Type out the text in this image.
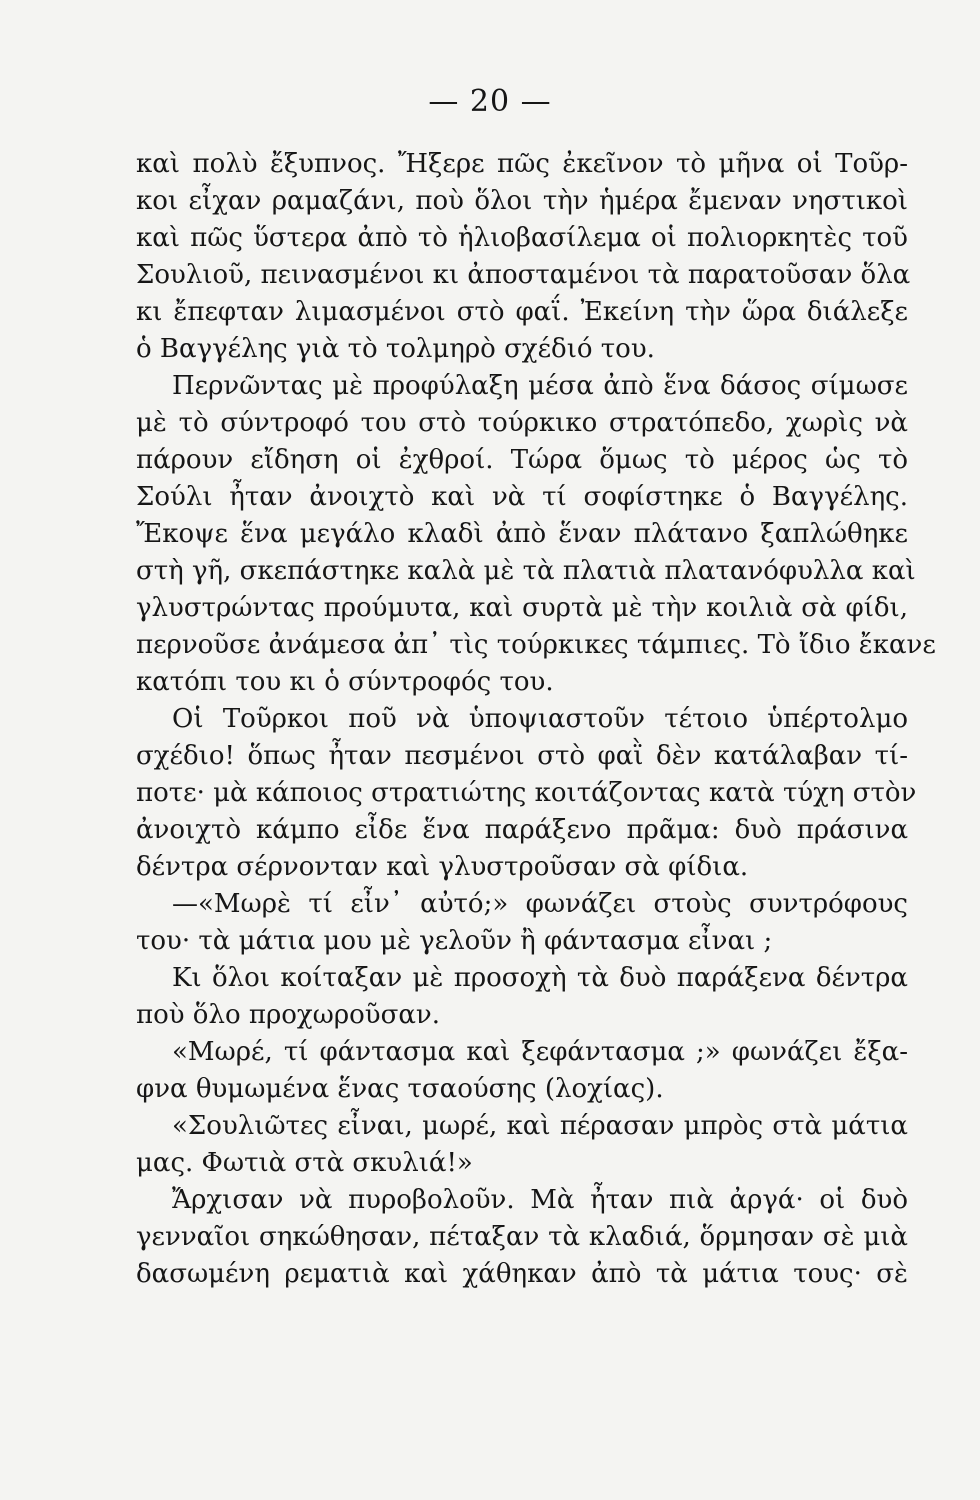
— 20 —
καὶ πολὺ ἔξυπνος. Ἤξερε πῶς ἐκεῖνον τὸ μῆνα οἱ Τοῦρ-
κοι εἶχαν ραμαζάνι, ποὺ ὅλοι τὴν ἡμέρα ἔμεναν νηστικοὶ
καὶ πῶς ὕστερα ἀπὸ τὸ ἡλιοβασίλεμα οἱ πολιορκητὲς τοῦ
Σουλιοῦ, πεινασμένοι κι ἀποσταμένοι τὰ παρατοῦσαν ὅλα
κι ἔπεφταν λιμασμένοι στὸ φαΐ. Ἐκείνη τὴν ὥρα διάλεξε
ὁ Βαγγέλης γιὰ τὸ τολμηρὸ σχέδιό του.
Περνῶντας μὲ προφύλαξη μέσα ἀπὸ ἕνα δάσος σίμωσε
μὲ τὸ σύντροφό του στὸ τούρκικο στρατόπεδο, χωρὶς νὰ
πάρουν εἴδηση οἱ ἐχθροί. Τώρα ὅμως τὸ μέρος ὡς τὸ
Σούλι ἦταν ἀνοιχτὸ καὶ νὰ τί σοφίστηκε ὁ Βαγγέλης.
Ἔκοψε ἕνα μεγάλο κλαδὶ ἀπὸ ἕναν πλάτανο ξαπλώθηκε
στὴ γῆ, σκεπάστηκε καλὰ μὲ τὰ πλατιὰ πλατανόφυλλα καὶ
γλυστρώντας προύμυτα, καὶ συρτὰ μὲ τὴν κοιλιὰ σὰ φίδι,
περνοῦσε ἀνάμεσα ἀπ᾽ τὶς τούρκικες τάμπιες. Τὸ ἴδιο ἔκανε
κατόπι του κι ὁ σύντροφός του.
Οἱ Τοῦρκοι ποῦ νὰ ὑποψιαστοῦν τέτοιο ὑπέρτολμο
σχέδιο! ὅπως ἦταν πεσμένοι στὸ φαῒ δὲν κατάλαβαν τί-
ποτε· μὰ κάποιος στρατιώτης κοιτάζοντας κατὰ τύχη στὸν
ἀνοιχτὸ κάμπο εἶδε ἕνα παράξενο πρᾶμα: δυὸ πράσινα
δέντρα σέρνονταν καὶ γλυστροῦσαν σὰ φίδια.
—«Μωρὲ τί εἶν᾽ αὐτό;» φωνάζει στοὺς συντρόφους
του· τὰ μάτια μου μὲ γελοῦν ἢ φάντασμα εἶναι ;
Κι ὅλοι κοίταξαν μὲ προσοχὴ τὰ δυὸ παράξενα δέντρα
ποὺ ὅλο προχωροῦσαν.
«Μωρέ, τί φάντασμα καὶ ξεφάντασμα ;» φωνάζει ἔξα-
φνα θυμωμένα ἕνας τσαούσης (λοχίας).
«Σουλιῶτες εἶναι, μωρέ, καὶ πέρασαν μπρὸς στὰ μάτια
μας. Φωτιὰ στὰ σκυλιά!»
Ἄρχισαν νὰ πυροβολοῦν. Μὰ ἦταν πιὰ ἀργά· οἱ δυὸ
γενναῖοι σηκώθησαν, πέταξαν τὰ κλαδιά, ὅρμησαν σὲ μιὰ
δασωμένη ρεματιὰ καὶ χάθηκαν ἀπὸ τὰ μάτια τους· σὲ
